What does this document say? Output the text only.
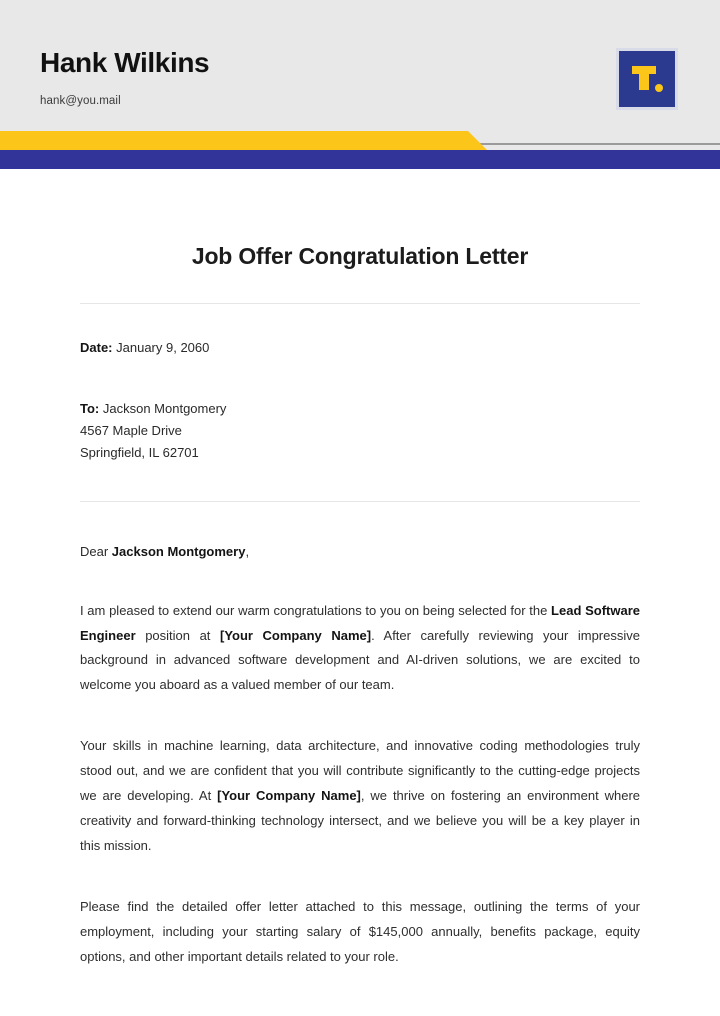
Hank Wilkins
hank@you.mail
Job Offer Congratulation Letter
Date: January 9, 2060
To: Jackson Montgomery
4567 Maple Drive
Springfield, IL 62701
Dear Jackson Montgomery,

I am pleased to extend our warm congratulations to you on being selected for the Lead Software Engineer position at [Your Company Name]. After carefully reviewing your impressive background in advanced software development and AI-driven solutions, we are excited to welcome you aboard as a valued member of our team.

Your skills in machine learning, data architecture, and innovative coding methodologies truly stood out, and we are confident that you will contribute significantly to the cutting-edge projects we are developing. At [Your Company Name], we thrive on fostering an environment where creativity and forward-thinking technology intersect, and we believe you will be a key player in this mission.

Please find the detailed offer letter attached to this message, outlining the terms of your employment, including your starting salary of $145,000 annually, benefits package, equity options, and other important details related to your role.
